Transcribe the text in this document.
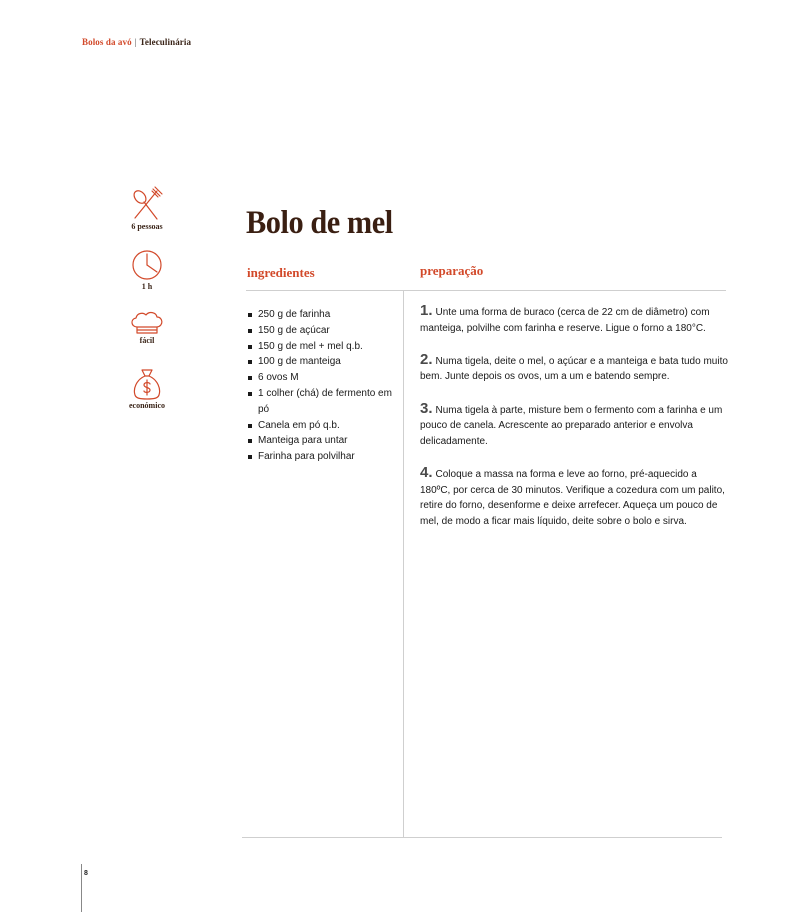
Bolos da avó | Teleculinária
6 pessoas
1 h
fácil
económico
Bolo de mel
ingredientes	preparação
250 g de farinha
150 g de açúcar
150 g de mel + mel q.b.
100 g de manteiga
6 ovos M
1 colher (chá) de fermento em pó
Canela em pó q.b.
Manteiga para untar
Farinha para polvilhar

1. Unte uma forma de buraco (cerca de 22 cm de diâmetro) com manteiga, polvilhe com farinha e reserve. Ligue o forno a 180°C.

2. Numa tigela, deite o mel, o açúcar e a manteiga e bata tudo muito bem. Junte depois os ovos, um a um e batendo sempre.

3. Numa tigela à parte, misture bem o fermento com a farinha e um pouco de canela. Acrescente ao preparado anterior e envolva delicadamente.

4. Coloque a massa na forma e leve ao forno, pré-aquecido a 180ºC, por cerca de 30 minutos. Verifique a cozedura com um palito, retire do forno, desenforme e deixe arrefecer. Aqueça um pouco de mel, de modo a ficar mais líquido, deite sobre o bolo e sirva.

8
